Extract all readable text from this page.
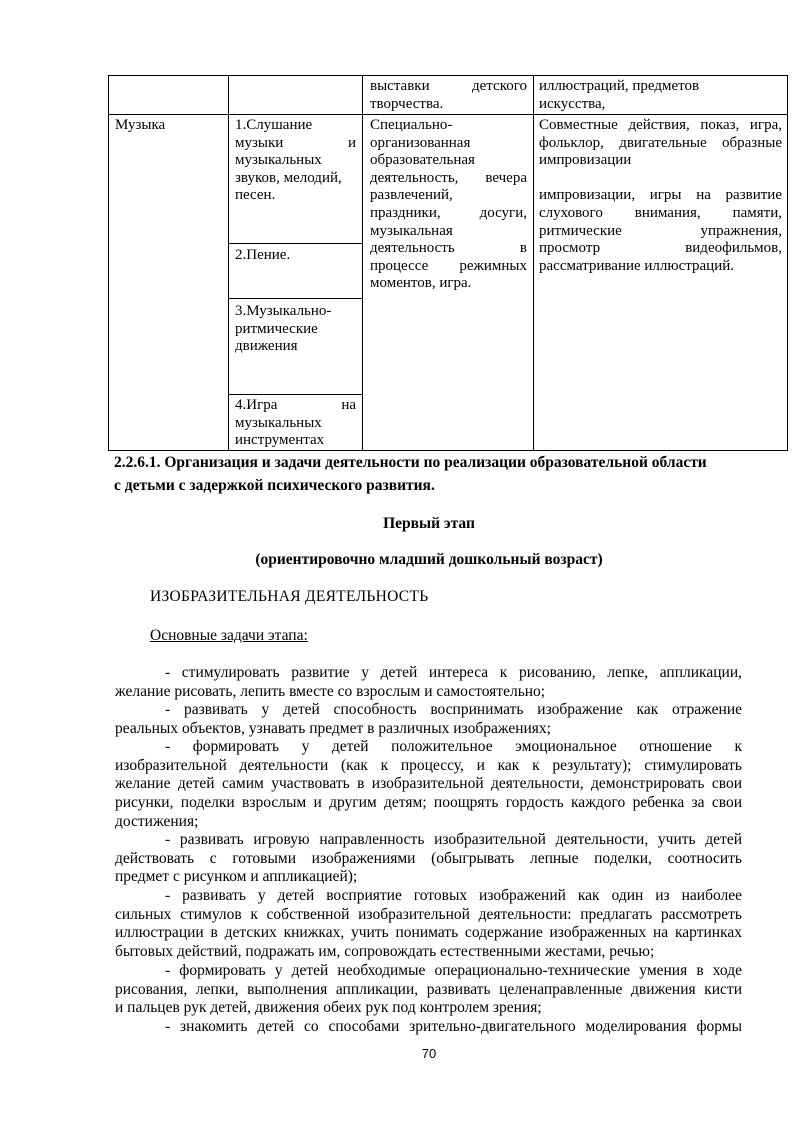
выставки детского
творчества.
иллюстраций, предметов
искусства,
Музыка	1.Слушание
музыки и
музыкальных
звуков, мелодий,
песен.
2.Пение.
3.Музыкально-
ритмические
движения
4.Игра на
музыкальных
инструментах
Специально-
организованная
образовательная
деятельность, вечера
развлечений,
праздники, досуги,
музыкальная
деятельность в
процессе режимных
моментов, игра.
Совместные действия, показ, игра,
фольклор, двигательные образные
импровизации

импровизации, игры на развитие
слухового внимания, памяти,
ритмические упражнения,
просмотр видеофильмов,
рассматривание иллюстраций.
2.2.6.1. Организация и задачи деятельности по реализации образовательной области
с детьми с задержкой психического развития.
Первый этап
(ориентировочно младший дошкольный возраст)
ИЗОБРАЗИТЕЛЬНАЯ ДЕЯТЕЛЬНОСТЬ
Основные задачи этапа:
- стимулировать развитие у детей интереса к рисованию, лепке, аппликации,
желание рисовать, лепить вместе со взрослым и самостоятельно;
- развивать у детей способность воспринимать изображение как отражение
реальных объектов, узнавать предмет в различных изображениях;
- формировать у детей положительное эмоциональное отношение к
изобразительной деятельности (как к процессу, и как к результату); стимулировать
желание детей самим участвовать в изобразительной деятельности, демонстрировать свои
рисунки, поделки взрослым и другим детям; поощрять гордость каждого ребенка за свои
достижения;
- развивать игровую направленность изобразительной деятельности, учить детей
действовать с готовыми изображениями (обыгрывать лепные поделки, соотносить
предмет с рисунком и аппликацией);
- развивать у детей восприятие готовых изображений как один из наиболее
сильных стимулов к собственной изобразительной деятельности: предлагать рассмотреть
иллюстрации в детских книжках, учить понимать содержание изображенных на картинках
бытовых действий, подражать им, сопровождать естественными жестами, речью;
- формировать у детей необходимые операционально-технические умения в ходе
рисования, лепки, выполнения аппликации, развивать целенаправленные движения кисти
и пальцев рук детей, движения обеих рук под контролем зрения;
- знакомить детей со способами зрительно-двигательного моделирования формы
70
